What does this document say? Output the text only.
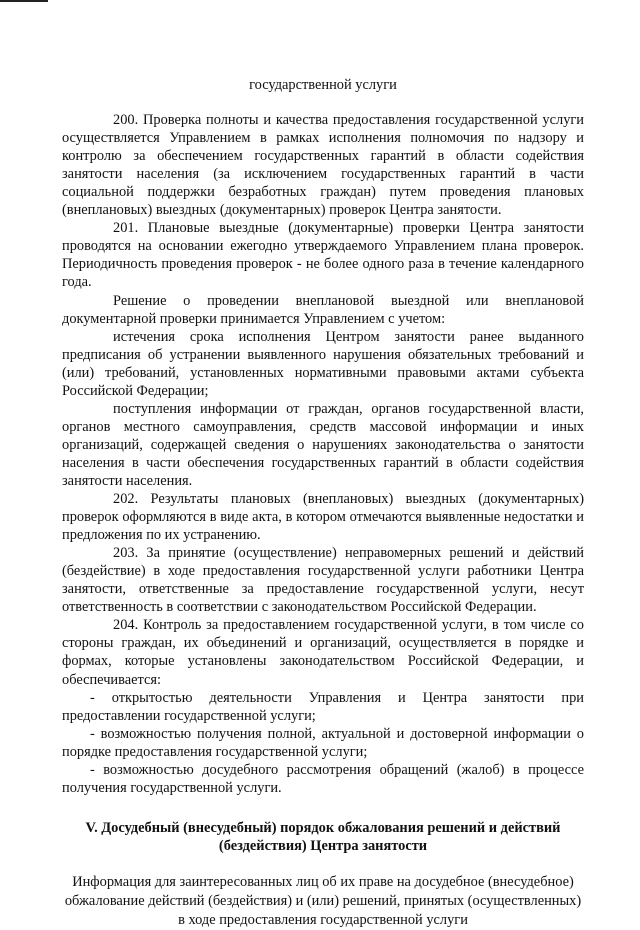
государственной услуги

200. Проверка полноты и качества предоставления государственной услуги осуществляется Управлением в рамках исполнения полномочия по надзору и контролю за обеспечением государственных гарантий в области содействия занятости населения (за исключением государственных гарантий в части социальной поддержки безработных граждан) путем проведения плановых (внеплановых) выездных (документарных) проверок Центра занятости.

201. Плановые выездные (документарные) проверки Центра занятости проводятся на основании ежегодно утверждаемого Управлением плана проверок. Периодичность проведения проверок - не более одного раза в течение календарного года.

Решение о проведении внеплановой выездной или внеплановой документарной проверки принимается Управлением с учетом:

истечения срока исполнения Центром занятости ранее выданного предписания об устранении выявленного нарушения обязательных требований и (или) требований, установленных нормативными правовыми актами субъекта Российской Федерации;

поступления информации от граждан, органов государственной власти, органов местного самоуправления, средств массовой информации и иных организаций, содержащей сведения о нарушениях законодательства о занятости населения в части обеспечения государственных гарантий в области содействия занятости населения.

202. Результаты плановых (внеплановых) выездных (документарных) проверок оформляются в виде акта, в котором отмечаются выявленные недостатки и предложения по их устранению.

203. За принятие (осуществление) неправомерных решений и действий (бездействие) в ходе предоставления государственной услуги работники Центра занятости, ответственные за предоставление государственной услуги, несут ответственность в соответствии с законодательством Российской Федерации.

204. Контроль за предоставлением государственной услуги, в том числе со стороны граждан, их объединений и организаций, осуществляется в порядке и формах, которые установлены законодательством Российской Федерации, и обеспечивается:

- открытостью деятельности Управления и Центра занятости при предоставлении государственной услуги;

- возможностью получения полной, актуальной и достоверной информации о порядке предоставления государственной услуги;

- возможностью досудебного рассмотрения обращений (жалоб) в процессе получения государственной услуги.

V. Досудебный (внесудебный) порядок обжалования решений и действий (бездействия) Центра занятости

Информация для заинтересованных лиц об их праве на досудебное (внесудебное) обжалование действий (бездействия) и (или) решений, принятых (осуществленных) в ходе предоставления государственной услуги
